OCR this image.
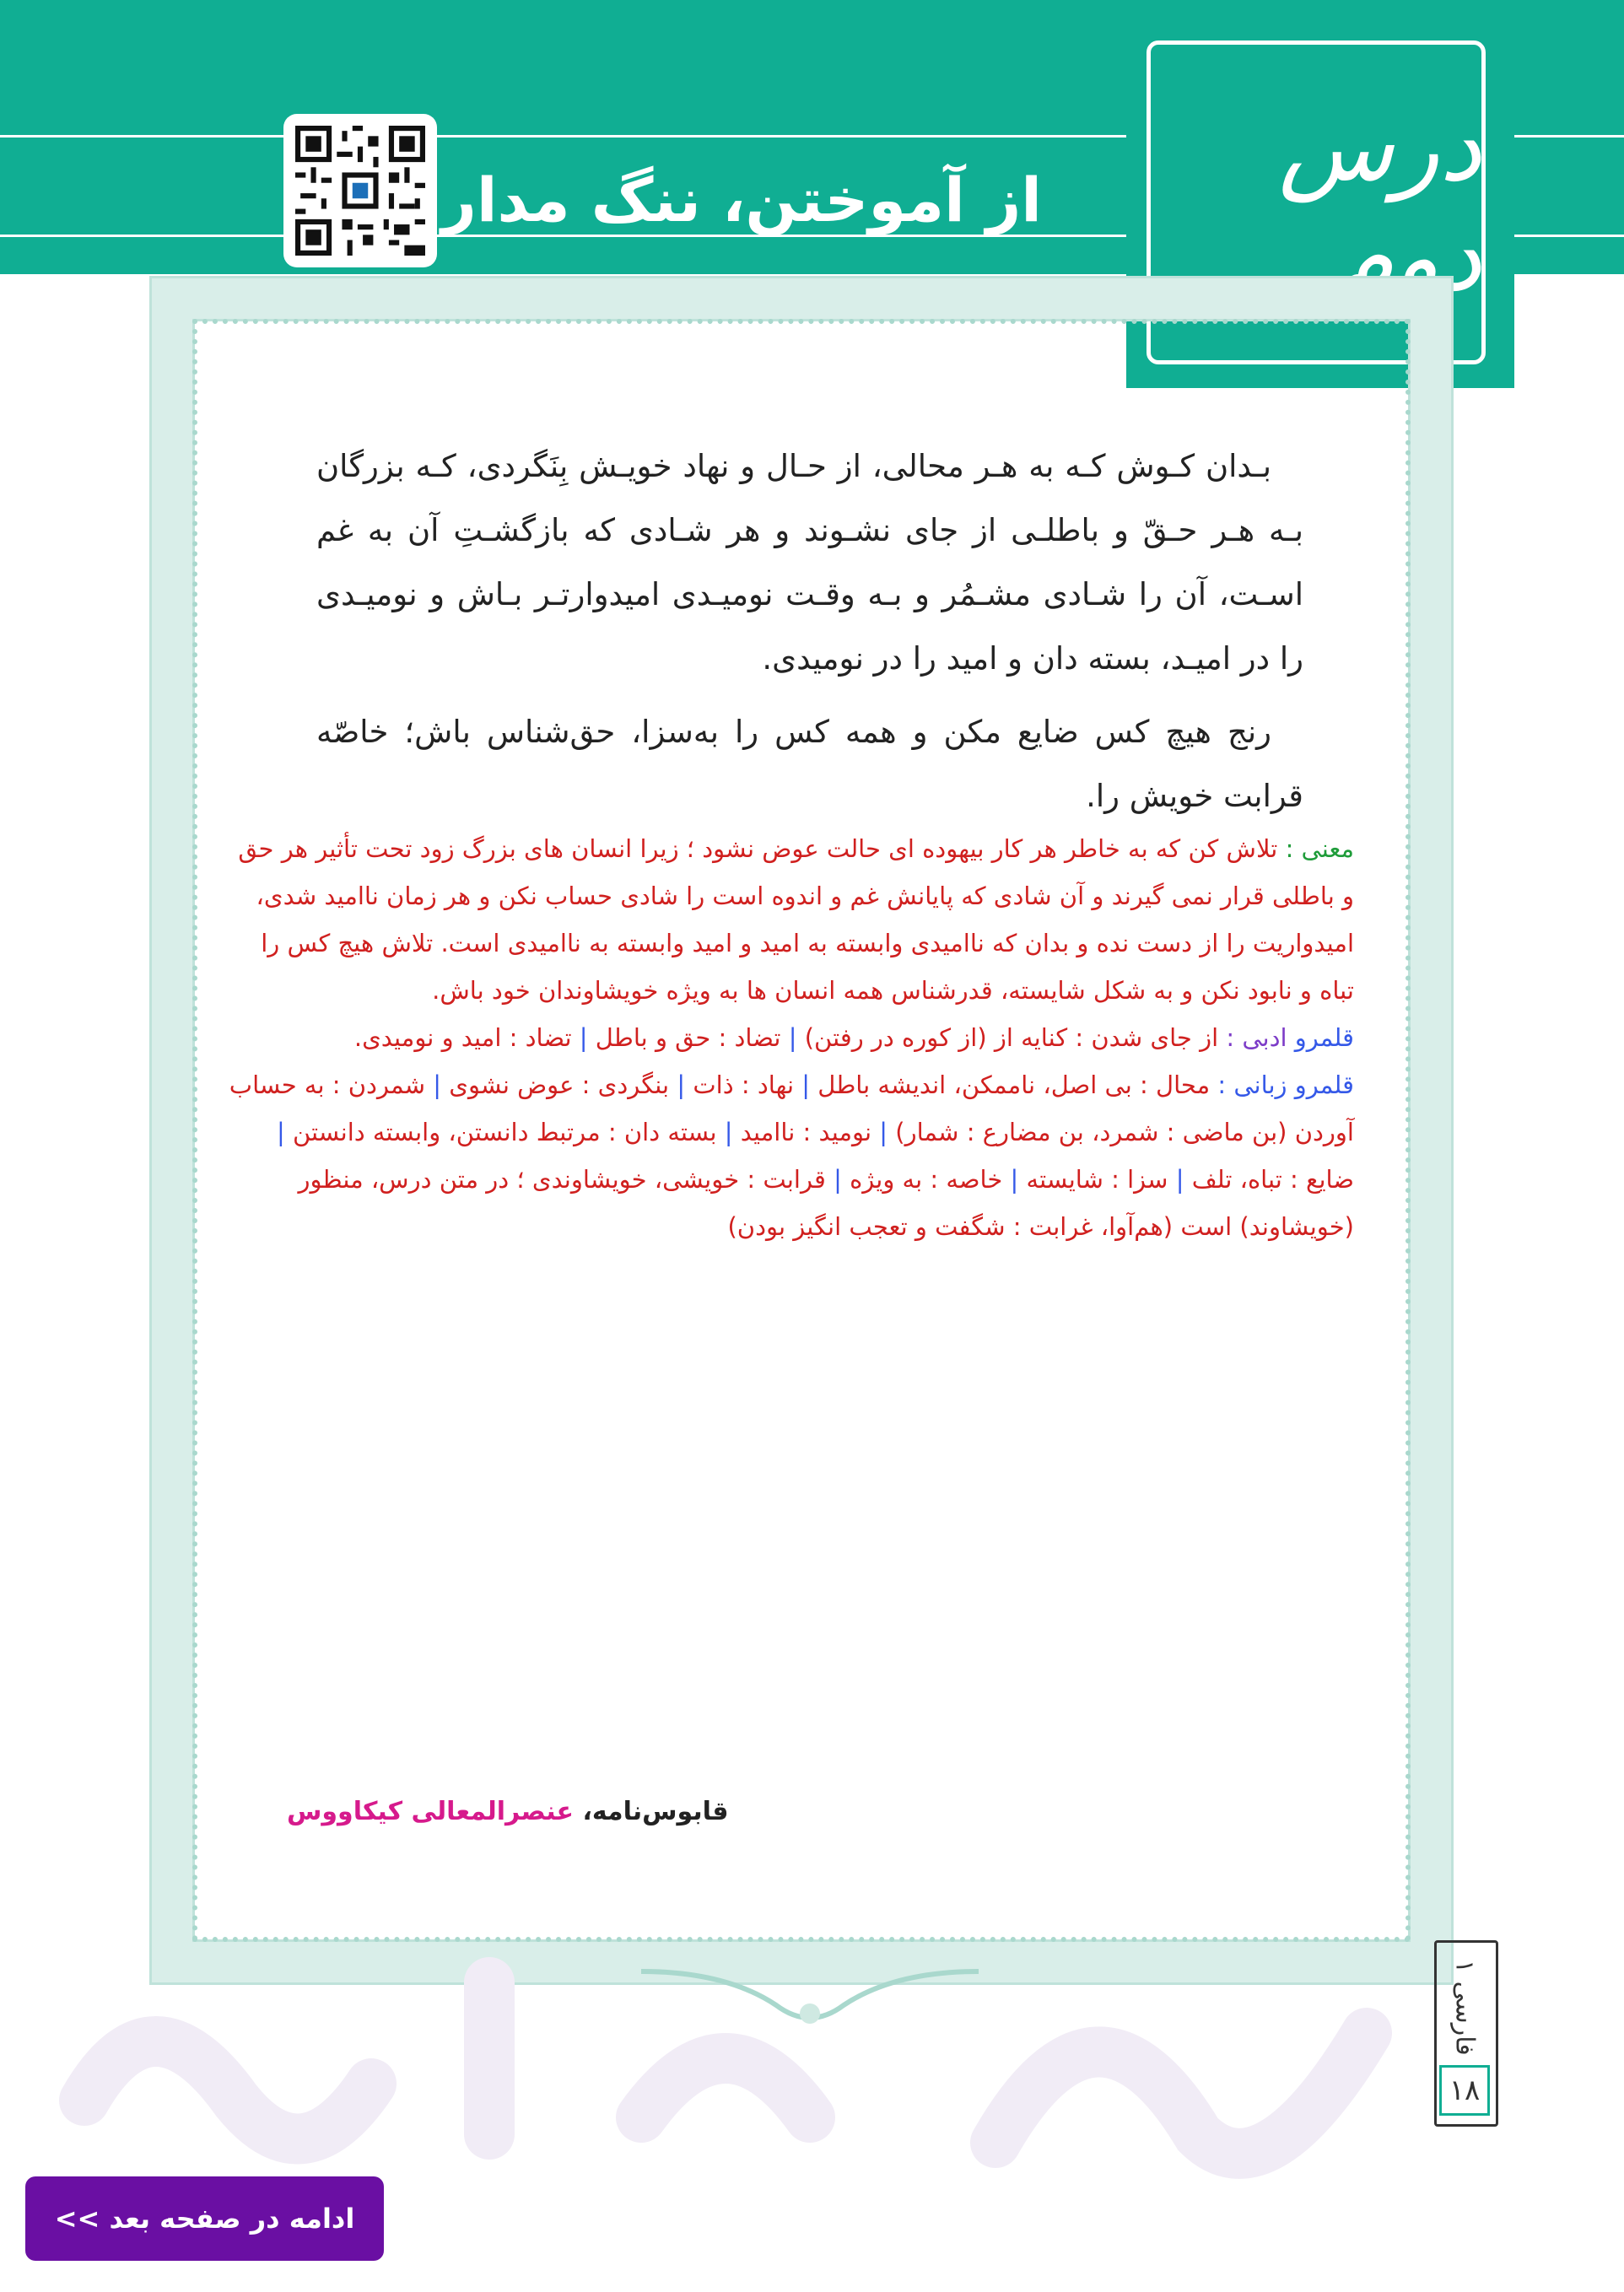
درس دوم
از آموختن، ننگ مدار
بـدان کـوش کـه به هـر محالی، از حـال و نهاد خویـش بِنَگردی، کـه بزرگان بـه هـر حـقّ و باطلـی از جای نشـوند و هر شـادی که بازگشـتِ آن به غم اسـت، آن را شـادی مشـمُر و بـه وقـت نومیـدی امیدوارتـر بـاش و نومیـدی را در امیـد، بسته دان و امید را در نومیدی.
رنج هیچ کس ضایع مکن و همه کس را به‌سزا، حق‌شناس باش؛ خاصّه قرابت خویش را.
معنی : تلاش کن که به خاطر هر کار بیهوده ای حالت عوض نشود ؛ زیرا انسان های بزرگ زود تحت تأثیر هر حق و باطلی قرار نمی گیرند و آن شادی که پایانش غم و اندوه است را شادی حساب نکن و هر زمان ناامید شدی، امیدواریت را از دست نده و بدان که ناامیدی وابسته به امید و امید وابسته به ناامیدی است. تلاش هیچ کس را تباه و نابود نکن و به شکل شایسته، قدرشناس همه انسان ها به ویژه خویشاوندان خود باش.
قلمرو ادبی : از جای شدن : کنایه از (از کوره در رفتن) | تضاد : حق و باطل | تضاد : امید و نومیدی.
قلمرو زبانی : محال : بی اصل، ناممکن، اندیشه باطل | نهاد : ذات | بنگردی : عوض نشوی | شمردن : به حساب آوردن (بن ماضی : شمرد، بن مضارع : شمار) | نومید : ناامید | بسته دان : مرتبط دانستن، وابسته دانستن | ضایع : تباه، تلف | سزا : شایسته | خاصه : به ویژه | قرابت : خویشی، خویشاوندی ؛ در متن درس، منظور (خویشاوند) است (هم‌آوا، غرابت : شگفت و تعجب انگیز بودن)
قابوس‌نامه، عنصرالمعالی کیکاووس
فارسی ۱
۱۸
ادامه در صفحه بعد >>
